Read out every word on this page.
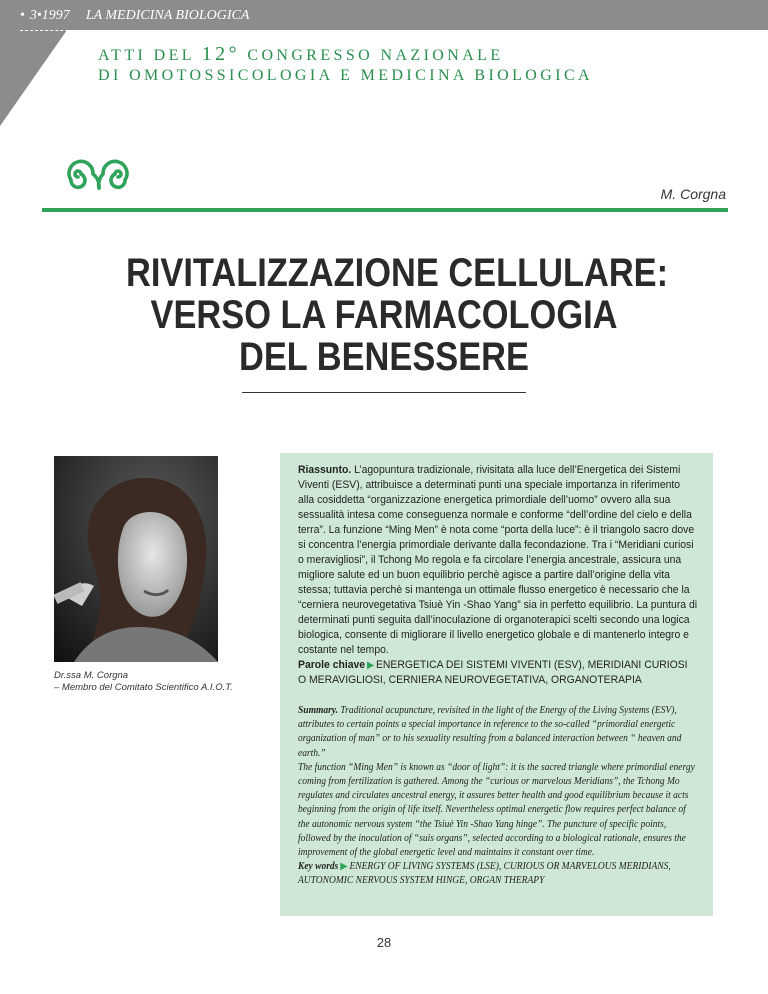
• 3•1997 LA MEDICINA BIOLOGICA
ATTI DEL 12° CONGRESSO NAZIONALE
DI OMOTOSSICOLOGIA E MEDICINA BIOLOGICA
M. Corgna
RIVITALIZZAZIONE CELLULARE:
VERSO LA FARMACOLOGIA
DEL BENESSERE
Dr.ssa M. Corgna
– Membro del Comitato Scientifico A.I.O.T.

Riassunto. L’agopuntura tradizionale, rivisitata alla luce dell’Energetica dei Sistemi Viventi (ESV), attribuisce a determinati punti una speciale importanza in riferimento alla cosiddetta “organizzazione energetica primordiale dell’uomo” ovvero alla sua sessualità intesa come conseguenza normale e conforme “dell’ordine del cielo e della terra”. La funzione “Ming Men” è nota come “porta della luce”: è il triangolo sacro dove si concentra l’energia primordiale derivante dalla fecondazione. Tra i “Meridiani curiosi o meravigliosi”, il Tchong Mo regola e fa circolare l’energia ancestrale, assicura una migliore salute ed un buon equilibrio perchè agisce a partire dall’origine della vita stessa; tuttavia perchè si mantenga un ottimale flusso energetico è necessario che la “cerniera neurovegetativa Tsiuè Yin -Shao Yang” sia in perfetto equilibrio. La puntura di determinati punti seguita dall’inoculazione di organoterapici scelti secondo una logica biologica, consente di migliorare il livello energetico globale e di mantenerlo integro e costante nel tempo.

Parole chiave ▶ ENERGETICA DEI SISTEMI VIVENTI (ESV), MERIDIANI CURIOSI O MERAVIGLIOSI, CERNIERA NEUROVEGETATIVA, ORGANOTERAPIA

Summary. Traditional acupuncture, revisited in the light of the Energy of the Living Systems (ESV), attributes to certain points a special importance in reference to the so-called “primordial energetic organization of man” or to his sexuality resulting from a balanced interaction between “ heaven and earth.”

The function “Ming Men” is known as “door of light”: it is the sacred triangle where primordial energy coming from fertilization is gathered. Among the “curious or marvelous Meridians”, the Tchong Mo regulates and circulates ancestral energy, it assures better health and good equilibrium because it acts beginning from the origin of life itself. Nevertheless optimal energetic flow requires perfect balance of the autonomic nervous system “the Tsiuè Yin -Shao Yang hinge”. The puncture of specific points, followed by the inoculation of “suis organs”, selected according to a biological rationale, ensures the improvement of the global energetic level and maintains it constant over time.

Key words ▶ ENERGY OF LIVING SYSTEMS (LSE), CURIOUS OR MARVELOUS MERIDIANS, AUTONOMIC NERVOUS SYSTEM HINGE, ORGAN THERAPY

28
